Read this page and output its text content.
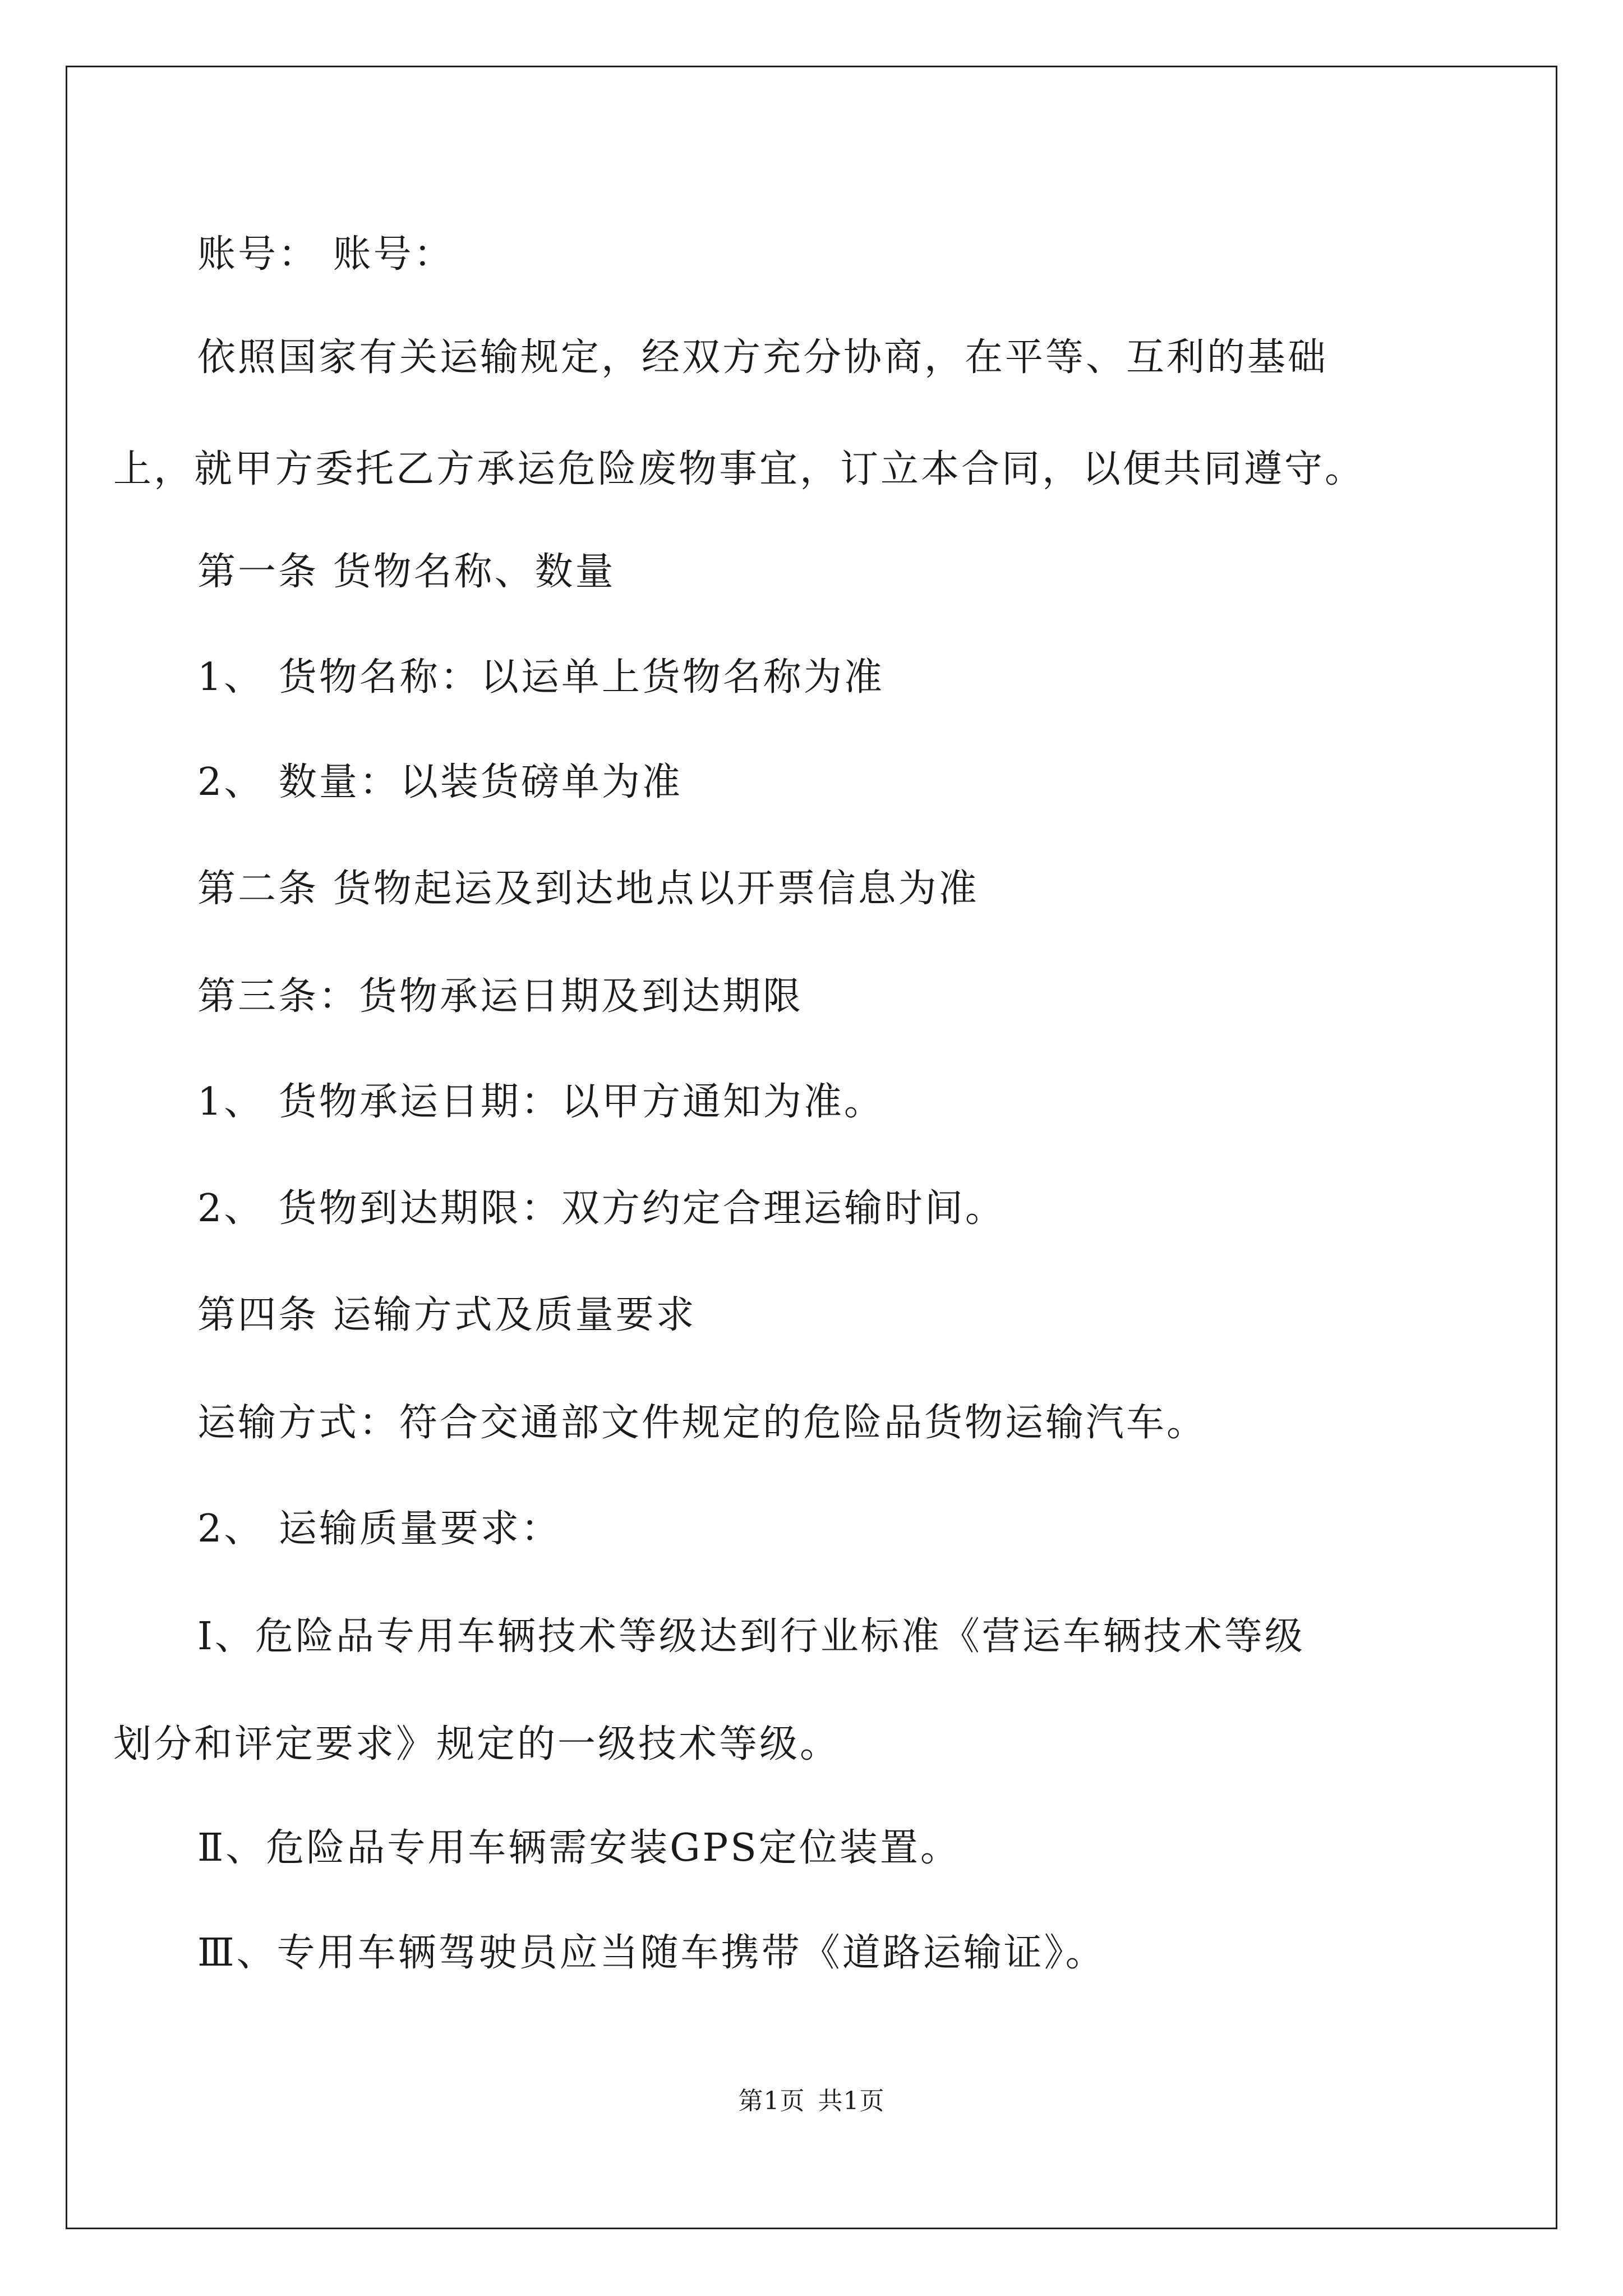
账号： 账号：
依照国家有关运输规定，经双方充分协商，在平等、互利的基础
上，就甲方委托乙方承运危险废物事宜，订立本合同，以便共同遵守。
第一条 货物名称、数量
1、 货物名称：以运单上货物名称为准
2、 数量：以装货磅单为准
第二条 货物起运及到达地点以开票信息为准
第三条：货物承运日期及到达期限
1、 货物承运日期：以甲方通知为准。
2、 货物到达期限：双方约定合理运输时间。
第四条 运输方式及质量要求
运输方式：符合交通部文件规定的危险品货物运输汽车。
2、 运输质量要求：
Ⅰ、危险品专用车辆技术等级达到行业标准《营运车辆技术等级
划分和评定要求》规定的一级技术等级。
Ⅱ、危险品专用车辆需安装GPS定位装置。
Ⅲ、专用车辆驾驶员应当随车携带《道路运输证》。
第1页 共1页
